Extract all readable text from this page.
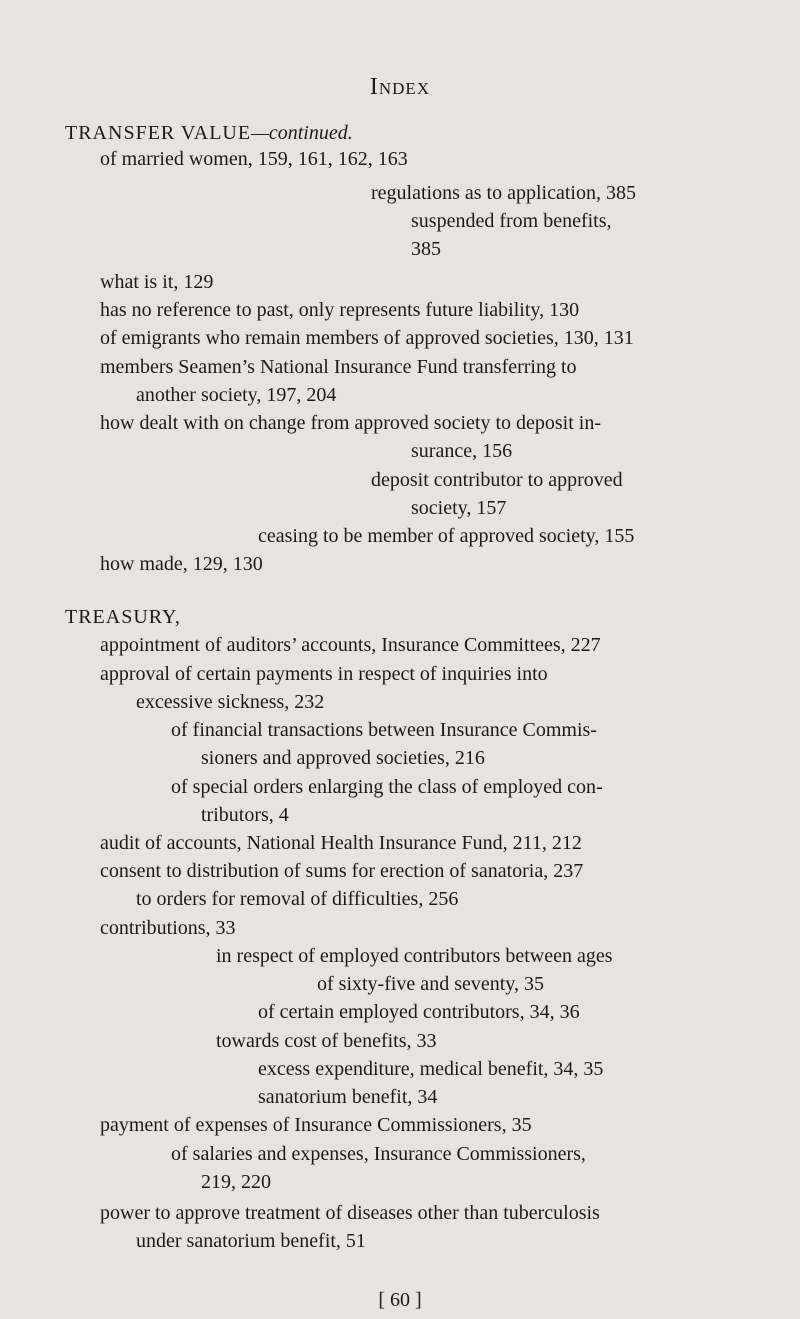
Index
TRANSFER VALUE—continued.
of married women, 159, 161, 162, 163
regulations as to application, 385
suspended from benefits,
385
what is it, 129
has no reference to past, only represents future liability, 130
of emigrants who remain members of approved societies, 130, 131
members Seamen’s National Insurance Fund transferring to
another society, 197, 204
how dealt with on change from approved society to deposit in-
surance, 156
deposit contributor to approved
society, 157
ceasing to be member of approved society, 155
how made, 129, 130
TREASURY,
appointment of auditors’ accounts, Insurance Committees, 227
approval of certain payments in respect of inquiries into
excessive sickness, 232
of financial transactions between Insurance Commis-
sioners and approved societies, 216
of special orders enlarging the class of employed con-
tributors, 4
audit of accounts, National Health Insurance Fund, 211, 212
consent to distribution of sums for erection of sanatoria, 237
to orders for removal of difficulties, 256
contributions, 33
in respect of employed contributors between ages
of sixty-five and seventy, 35
of certain employed contributors, 34, 36
towards cost of benefits, 33
excess expenditure, medical benefit, 34, 35
sanatorium benefit, 34
payment of expenses of Insurance Commissioners, 35
of salaries and expenses, Insurance Commissioners,
219, 220
power to approve treatment of diseases other than tuberculosis
under sanatorium benefit, 51
[ 60 ]
